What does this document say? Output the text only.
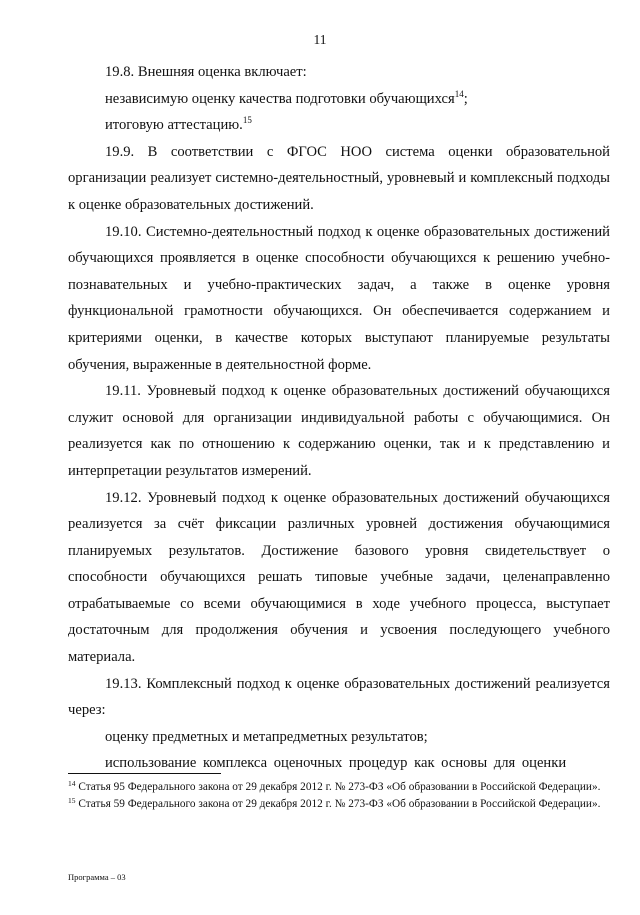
11

19.8. Внешняя оценка включает:

независимую оценку качества подготовки обучающихся$^{14}$;

итоговую аттестацию.$^{15}$

19.9. В соответствии с ФГОС НОО система оценки образовательной организации реализует системно-деятельностный, уровневый и комплексный подходы к оценке образовательных достижений.

19.10. Системно-деятельностный подход к оценке образовательных достижений обучающихся проявляется в оценке способности обучающихся к решению учебно-познавательных и учебно-практических задач, а также в оценке уровня функциональной грамотности обучающихся. Он обеспечивается содержанием и критериями оценки, в качестве которых выступают планируемые результаты обучения, выраженные в деятельностной форме.

19.11. Уровневый подход к оценке образовательных достижений обучающихся служит основой для организации индивидуальной работы с обучающимися. Он реализуется как по отношению к содержанию оценки, так и к представлению и интерпретации результатов измерений.

19.12. Уровневый подход к оценке образовательных достижений обучающихся реализуется за счёт фиксации различных уровней достижения обучающимися планируемых результатов. Достижение базового уровня свидетельствует о способности обучающихся решать типовые учебные задачи, целенаправленно отрабатываемые со всеми обучающимися в ходе учебного процесса, выступает достаточным для продолжения обучения и усвоения последующего учебного материала.

19.13. Комплексный подход к оценке образовательных достижений реализуется через:

оценку предметных и метапредметных результатов;

использование комплекса оценочных процедур как основы для оценки

$^{14}$ Статья 95 Федерального закона от 29 декабря 2012 г. № 273-ФЗ «Об образовании в Российской Федерации».

$^{15}$ Статья 59 Федерального закона от 29 декабря 2012 г. № 273-ФЗ «Об образовании в Российской Федерации».

Программа – 03
